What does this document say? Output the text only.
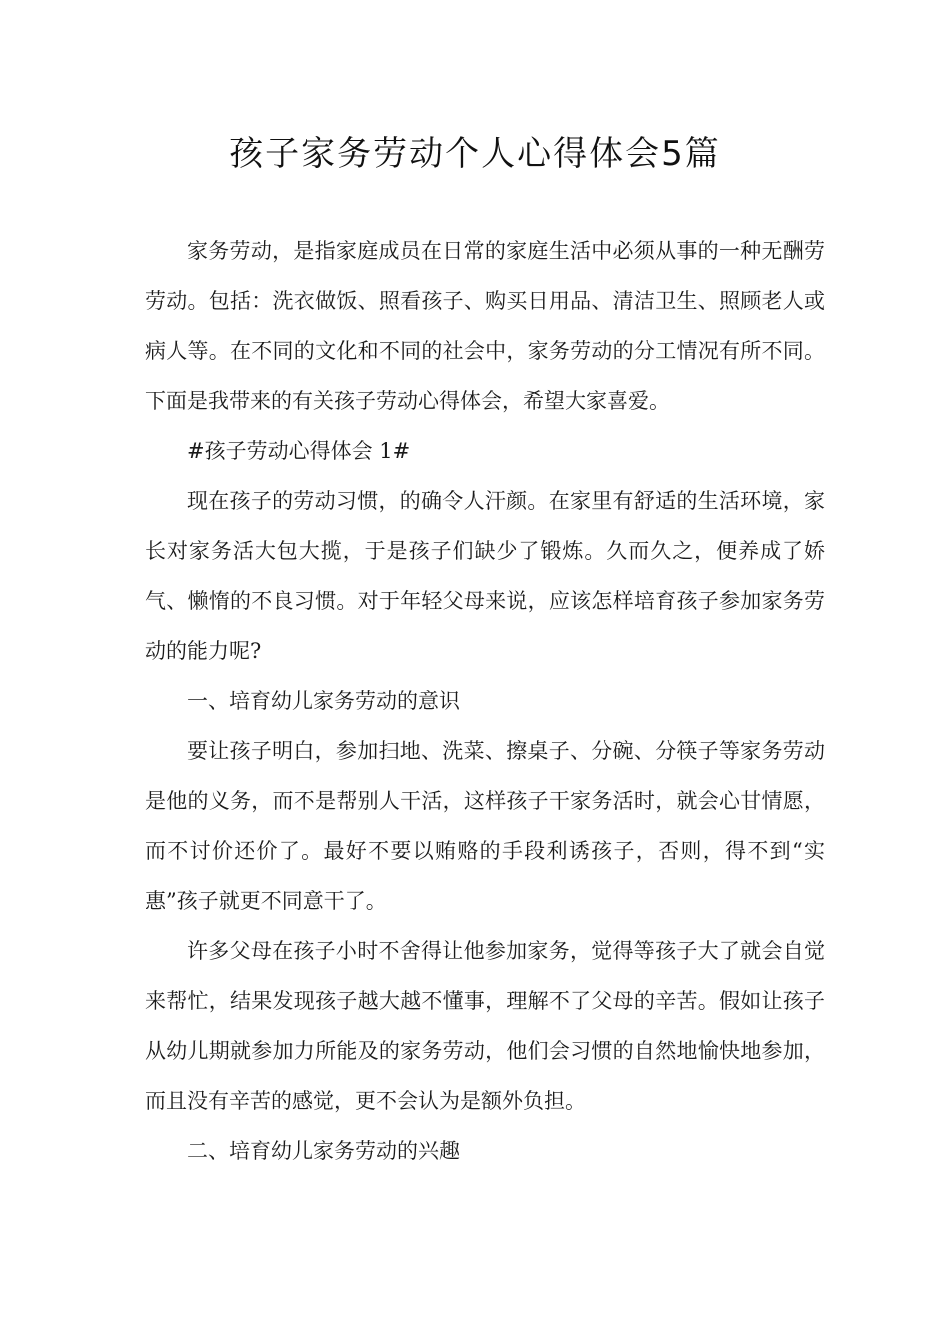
孩子家务劳动个人心得体会5篇

家务劳动，是指家庭成员在日常的家庭生活中必须从事的一种无酬劳劳动。包括：洗衣做饭、照看孩子、购买日用品、清洁卫生、照顾老人或病人等。在不同的文化和不同的社会中，家务劳动的分工情况有所不同。下面是我带来的有关孩子劳动心得体会，希望大家喜爱。

#孩子劳动心得体会 1#

现在孩子的劳动习惯，的确令人汗颜。在家里有舒适的生活环境，家长对家务活大包大揽，于是孩子们缺少了锻炼。久而久之，便养成了娇气、懒惰的不良习惯。对于年轻父母来说，应该怎样培育孩子参加家务劳动的能力呢?

一、培育幼儿家务劳动的意识

要让孩子明白，参加扫地、洗菜、擦桌子、分碗、分筷子等家务劳动是他的义务，而不是帮别人干活，这样孩子干家务活时，就会心甘情愿，而不讨价还价了。最好不要以贿赂的手段利诱孩子，否则，得不到“实惠”孩子就更不同意干了。

许多父母在孩子小时不舍得让他参加家务，觉得等孩子大了就会自觉来帮忙，结果发现孩子越大越不懂事，理解不了父母的辛苦。假如让孩子从幼儿期就参加力所能及的家务劳动，他们会习惯的自然地愉快地参加，而且没有辛苦的感觉，更不会认为是额外负担。

二、培育幼儿家务劳动的兴趣
